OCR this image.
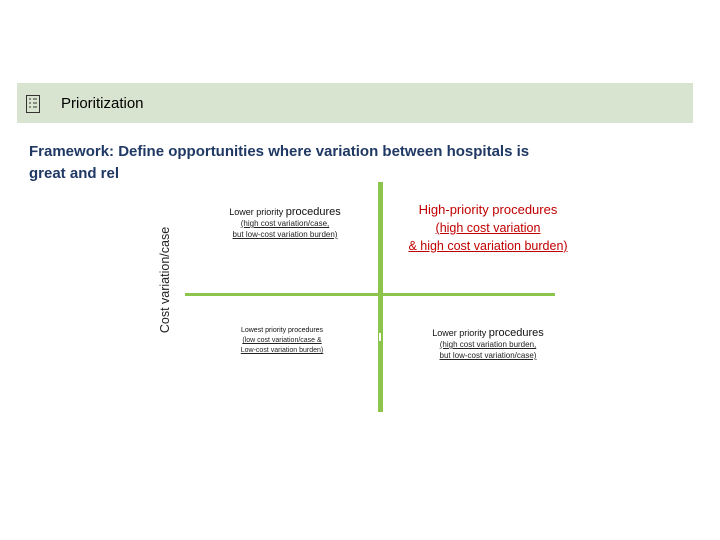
Prioritization
Framework: Define opportunities where variation between hospitals is
great and rel
Cost variation/case
Lower priority procedures
(high cost variation/case,
but low-cost variation burden)
High-priority procedures
(high cost variation
& high cost variation burden)
Lowest priority procedures
(low cost variation/case &
Low-cost variation burden)
Lower priority procedures
(high cost variation burden,
but low-cost variation/case)
